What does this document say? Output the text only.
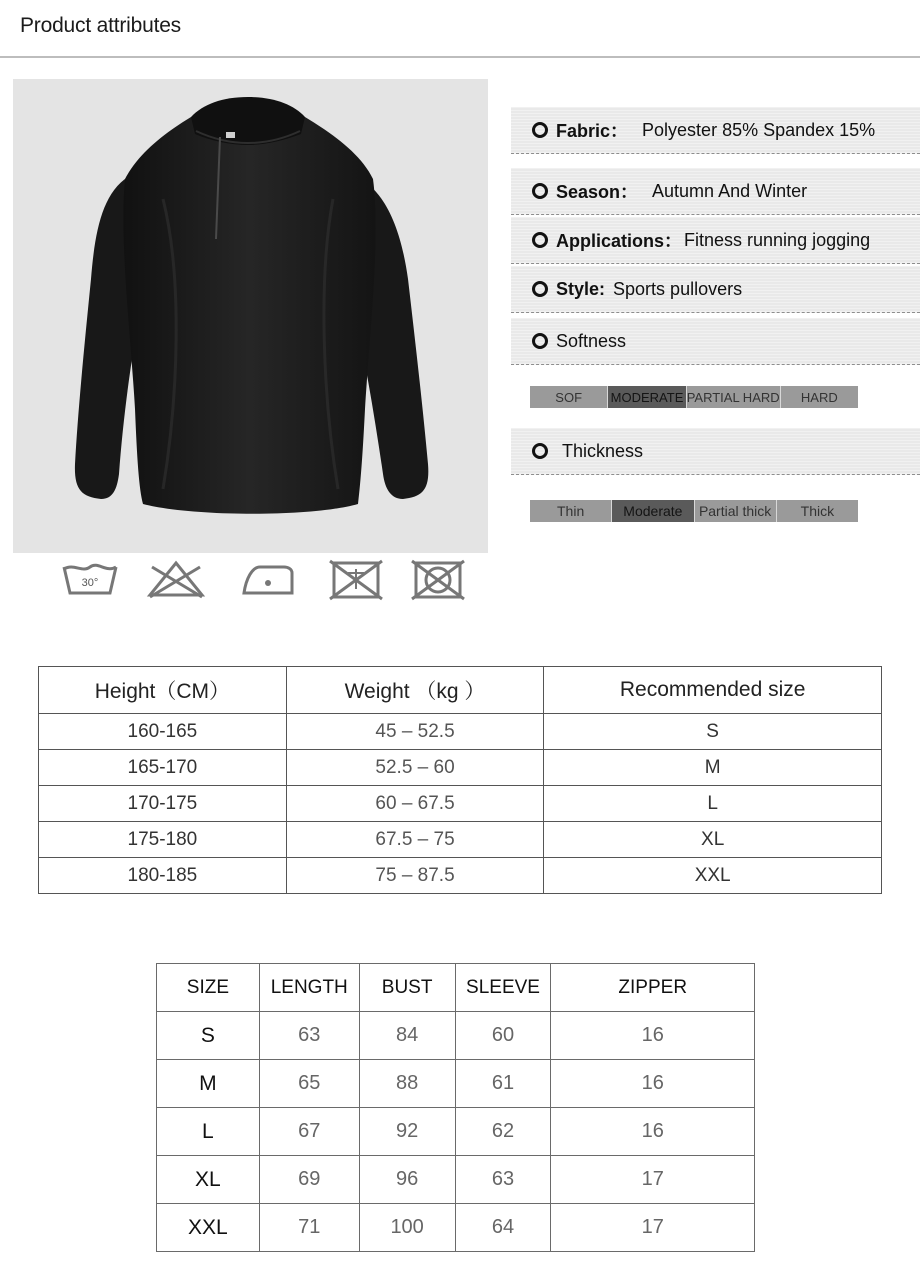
Product attributes
30°
Fabric： Polyester 85% Spandex 15%
Season： Autumn And Winter
Applications： Fitness running jogging
Style: Sports pullovers
Softness
SOF	MODERATE PARTIAL HARD	HARD
Thickness
Thin	Moderate	Partial thick	Thick
Height（CM）	Weight （kg ）	Recommended size
160-165	45 – 52.5	S
165-170	52.5 – 60	M
170-175	60 – 67.5	L
175-180	67.5 – 75	XL
180-185	75 – 87.5	XXL
SIZE	LENGTH	BUST	SLEEVE	ZIPPER
S	63	84	60	16
M	65	88	61	16
L	67	92	62	16
XL	69	96	63	17
XXL	71	100	64	17
